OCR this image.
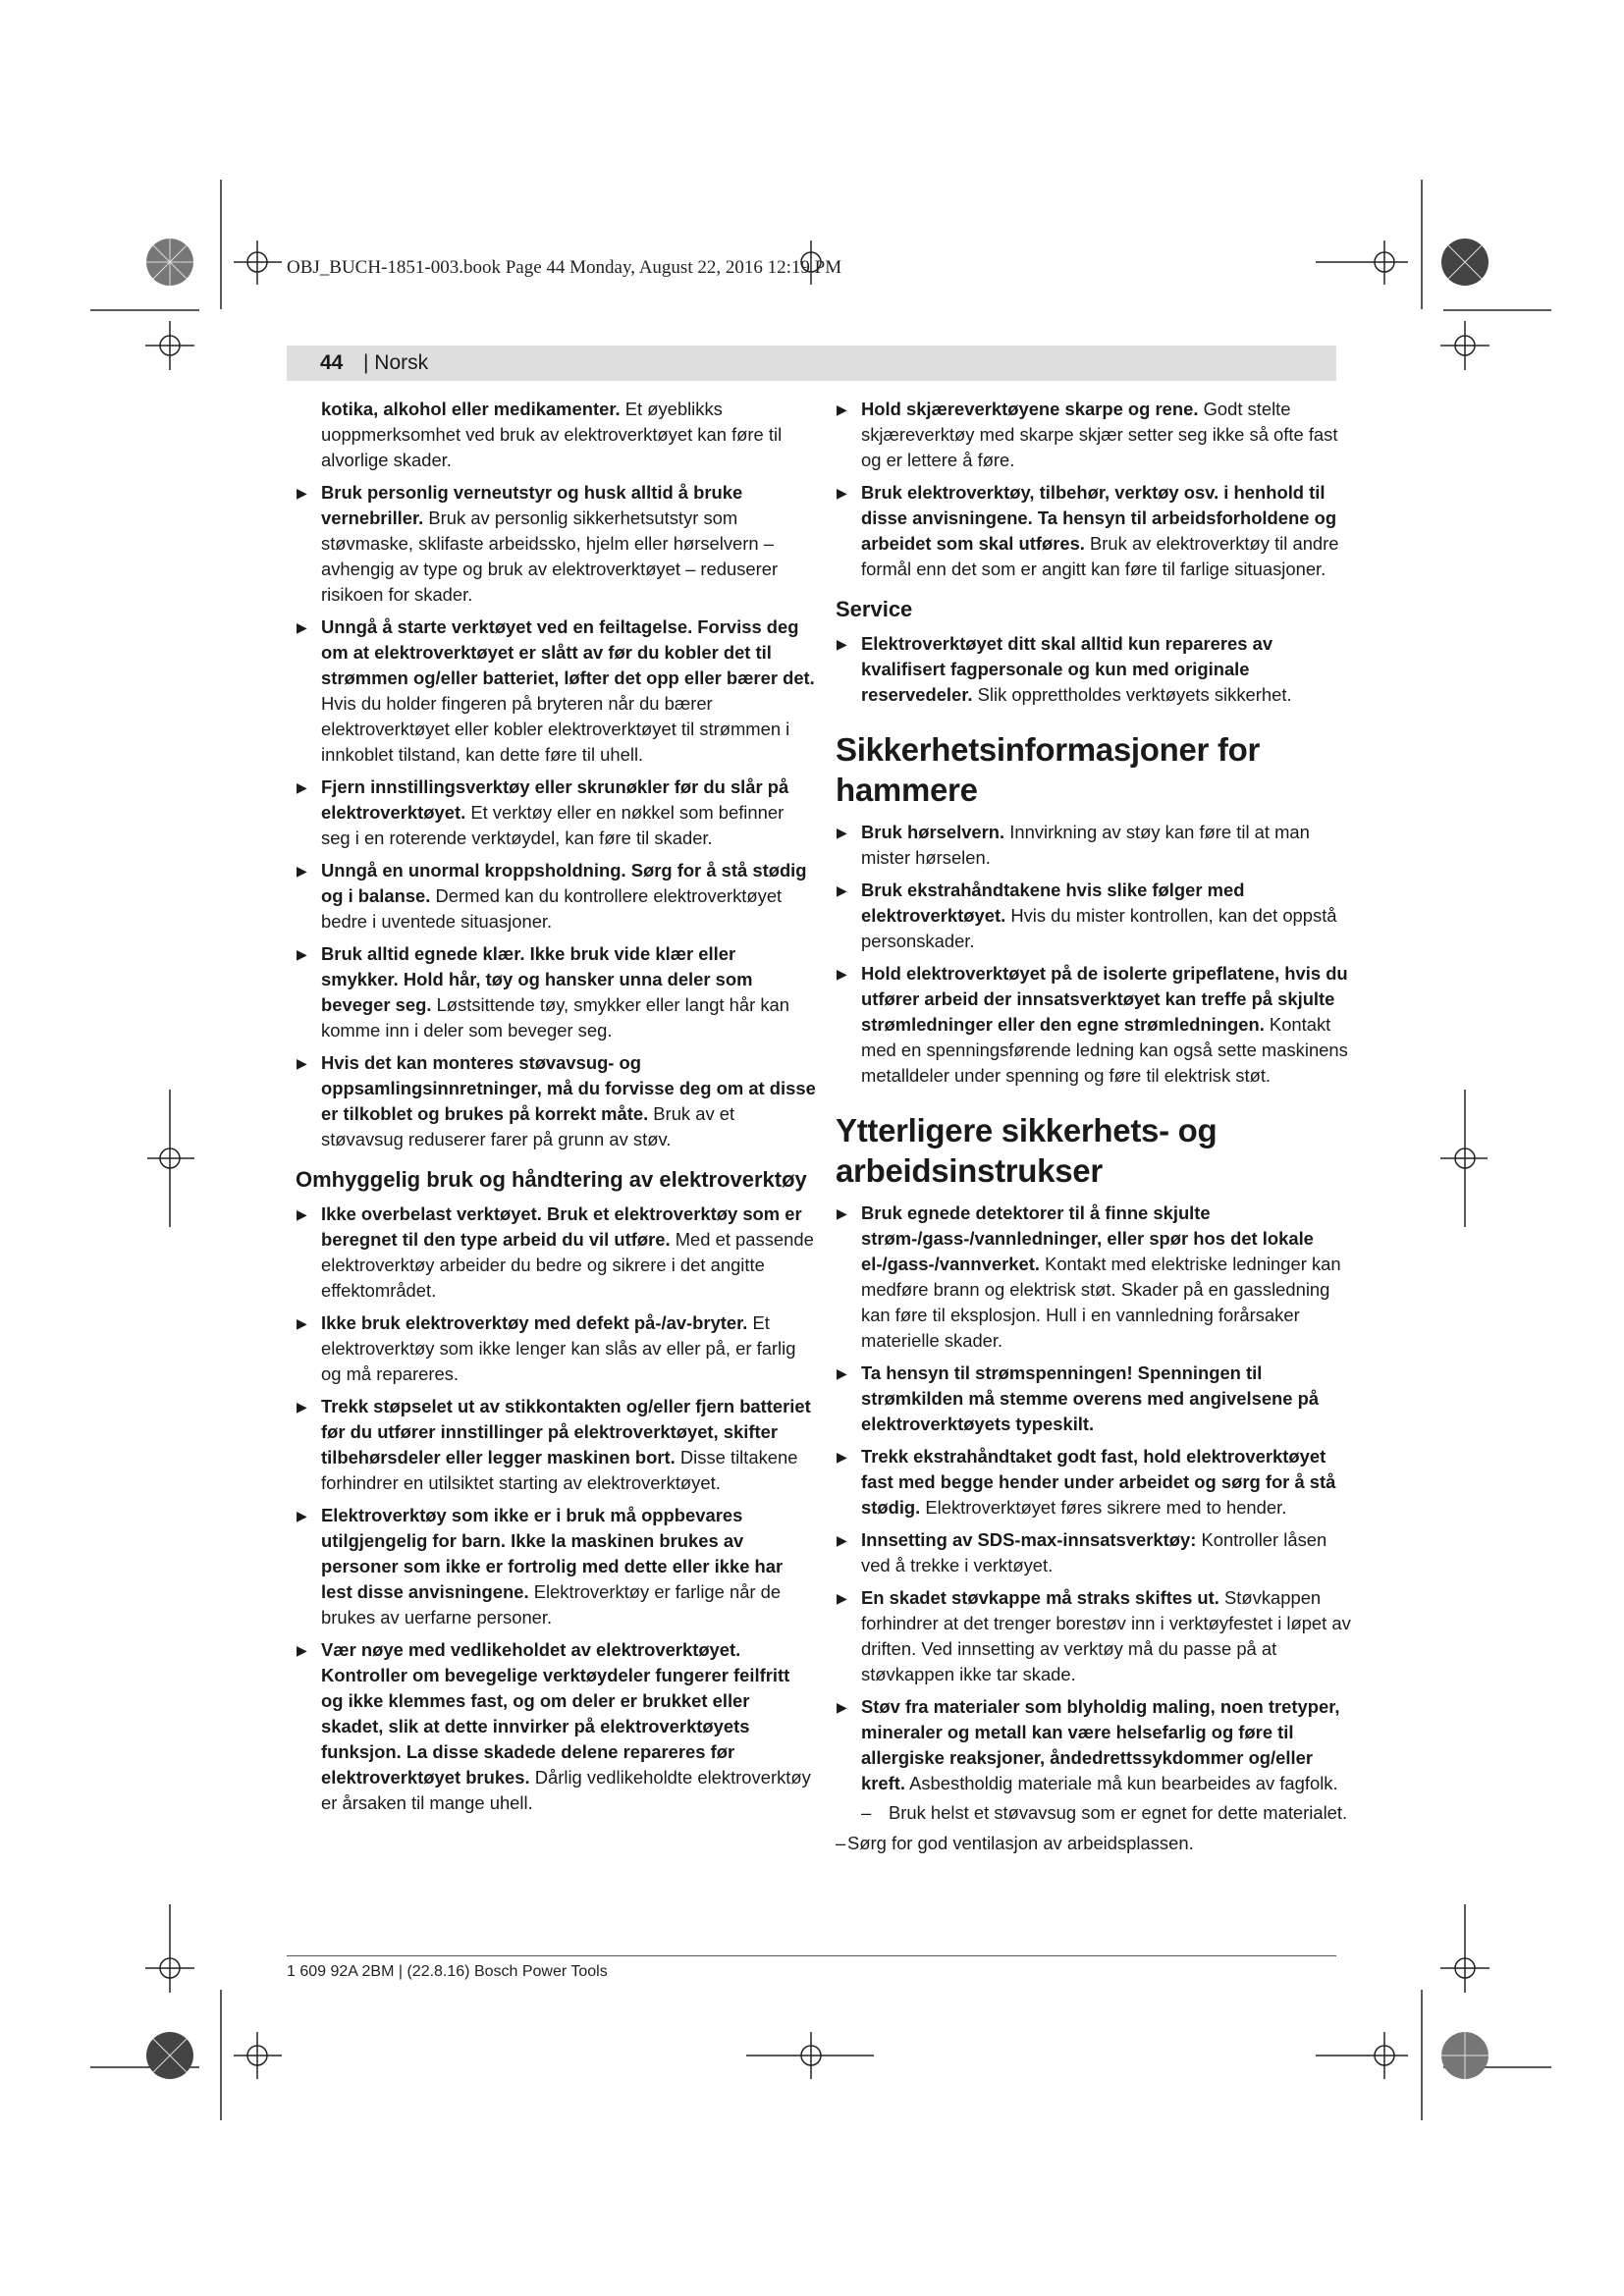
OBJ_BUCH-1851-003.book Page 44 Monday, August 22, 2016 12:19 PM
44 | Norsk

kotika, alkohol eller medikamenter. Et øyeblikks uoppmerksomhet ved bruk av elektroverktøyet kan føre til alvorlige skader.

▶ Bruk personlig verneutstyr og husk alltid å bruke vernebriller. Bruk av personlig sikkerhetsutstyr som støvmaske, sklifaste arbeidssko, hjelm eller hørselvern – avhengig av type og bruk av elektroverktøyet – reduserer risikoen for skader.
▶ Unngå å starte verktøyet ved en feiltagelse. Forviss deg om at elektroverktøyet er slått av før du kobler det til strømmen og/eller batteriet, løfter det opp eller bærer det. Hvis du holder fingeren på bryteren når du bærer elektroverktøyet eller kobler elektroverktøyet til strømmen i innkoblet tilstand, kan dette føre til uhell.
▶ Fjern innstillingsverktøy eller skrunøkler før du slår på elektroverktøyet. Et verktøy eller en nøkkel som befinner seg i en roterende verktøydel, kan føre til skader.
▶ Unngå en unormal kroppsholdning. Sørg for å stå stødig og i balanse. Dermed kan du kontrollere elektroverktøyet bedre i uventede situasjoner.
▶ Bruk alltid egnede klær. Ikke bruk vide klær eller smykker. Hold hår, tøy og hansker unna deler som beveger seg. Løstsittende tøy, smykker eller langt hår kan komme inn i deler som beveger seg.
▶ Hvis det kan monteres støvavsug- og oppsamlingsinnretninger, må du forvisse deg om at disse er tilkoblet og brukes på korrekt måte. Bruk av et støvavsug reduserer farer på grunn av støv.
Omhyggelig bruk og håndtering av elektroverktøy
▶ Ikke overbelast verktøyet. Bruk et elektroverktøy som er beregnet til den type arbeid du vil utføre. Med et passende elektroverktøy arbeider du bedre og sikrere i det angitte effektområdet.
▶ Ikke bruk elektroverktøy med defekt på-/av-bryter. Et elektroverktøy som ikke lenger kan slås av eller på, er farlig og må repareres.
▶ Trekk støpselet ut av stikkontakten og/eller fjern batteriet før du utfører innstillinger på elektroverktøyet, skifter tilbehørsdeler eller legger maskinen bort. Disse tiltakene forhindrer en utilsiktet starting av elektroverktøyet.
▶ Elektroverktøy som ikke er i bruk må oppbevares utilgjengelig for barn. Ikke la maskinen brukes av personer som ikke er fortrolig med dette eller ikke har lest disse anvisningene. Elektroverktøy er farlige når de brukes av uerfarne personer.
▶ Vær nøye med vedlikeholdet av elektroverktøyet. Kontroller om bevegelige verktøydeler fungerer feilfritt og ikke klemmes fast, og om deler er brukket eller skadet, slik at dette innvirker på elektroverktøyets funksjon. La disse skadede delene repareres før elektroverktøyet brukes. Dårlig vedlikeholdte elektroverktøy er årsaken til mange uhell.
▶ Hold skjæreverktøyene skarpe og rene. Godt stelte skjæreverktøy med skarpe skjær setter seg ikke så ofte fast og er lettere å føre.
▶ Bruk elektroverktøy, tilbehør, verktøy osv. i henhold til disse anvisningene. Ta hensyn til arbeidsforholdene og arbeidet som skal utføres. Bruk av elektroverktøy til andre formål enn det som er angitt kan føre til farlige situasjoner.
Service
▶ Elektroverktøyet ditt skal alltid kun repareres av kvalifisert fagpersonale og kun med originale reservedeler. Slik opprettholdes verktøyets sikkerhet.
Sikkerhetsinformasjoner for hammere
▶ Bruk hørselvern. Innvirkning av støy kan føre til at man mister hørselen.
▶ Bruk ekstrahåndtakene hvis slike følger med elektroverktøyet. Hvis du mister kontrollen, kan det oppstå personskader.
▶ Hold elektroverktøyet på de isolerte gripeflatene, hvis du utfører arbeid der innsatsverktøyet kan treffe på skjulte strømledninger eller den egne strømledningen. Kontakt med en spenningsførende ledning kan også sette maskinens metalldeler under spenning og føre til elektrisk støt.
Ytterligere sikkerhets- og arbeidsinstrukser
▶ Bruk egnede detektorer til å finne skjulte strøm-/gass-/vannledninger, eller spør hos det lokale el-/gass-/vannverket. Kontakt med elektriske ledninger kan medføre brann og elektrisk støt. Skader på en gassledning kan føre til eksplosjon. Hull i en vannledning forårsaker materielle skader.
▶ Ta hensyn til strømspenningen! Spenningen til strømkilden må stemme overens med angivelsene på elektroverktøyets typeskilt.
▶ Trekk ekstrahåndtaket godt fast, hold elektroverktøyet fast med begge hender under arbeidet og sørg for å stå stødig. Elektroverktøyet føres sikrere med to hender.
▶ Innsetting av SDS-max-innsatsverktøy: Kontroller låsen ved å trekke i verktøyet.
▶ En skadet støvkappe må straks skiftes ut. Støvkappen forhindrer at det trenger borestøv inn i verktøyfestet i løpet av driften. Ved innsetting av verktøy må du passe på at støvkappen ikke tar skade.
▶ Støv fra materialer som blyholdig maling, noen tretyper, mineraler og metall kan være helsefarlig og føre til allergiske reaksjoner, åndedrettssykdommer og/eller kreft. Asbestholdig materiale må kun bearbeides av fagfolk.
– Bruk helst et støvavsug som er egnet for dette materialet.
– Sørg for god ventilasjon av arbeidsplassen.
1 609 92A 2BM | (22.8.16) Bosch Power Tools
